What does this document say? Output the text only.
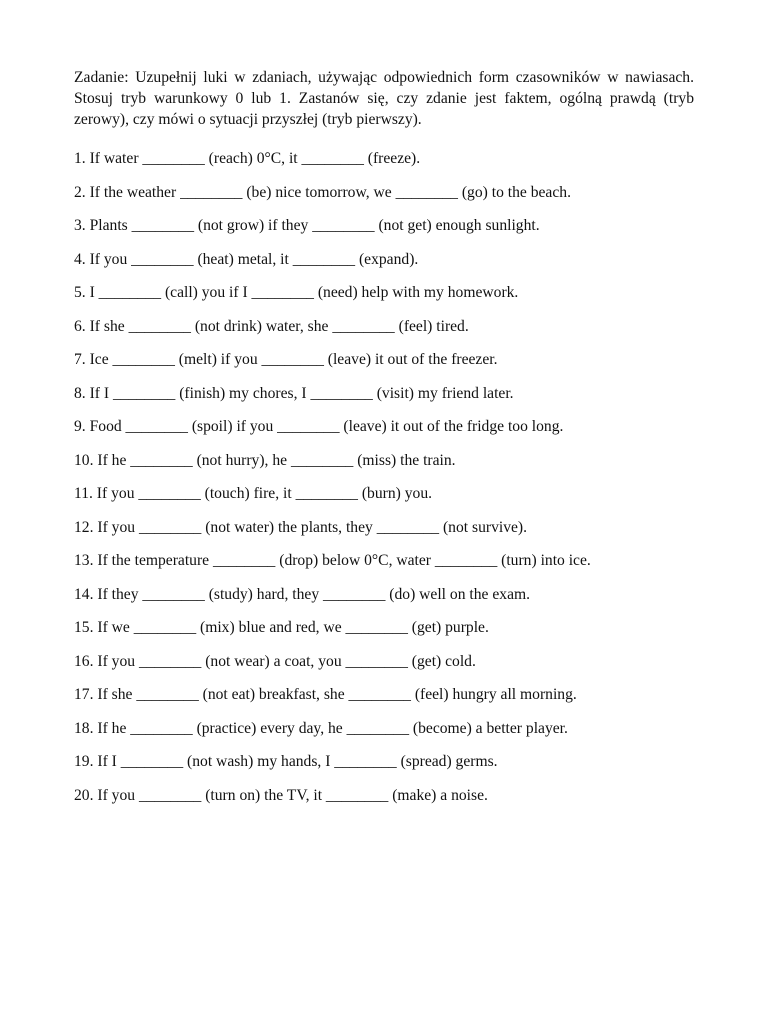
Zadanie: Uzupełnij luki w zdaniach, używając odpowiednich form czasowników w nawiasach. Stosuj tryb warunkowy 0 lub 1. Zastanów się, czy zdanie jest faktem, ogólną prawdą (tryb zerowy), czy mówi o sytuacji przyszłej (tryb pierwszy).

1. If water ________ (reach) 0°C, it ________ (freeze).
2. If the weather ________ (be) nice tomorrow, we ________ (go) to the beach.
3. Plants ________ (not grow) if they ________ (not get) enough sunlight.
4. If you ________ (heat) metal, it ________ (expand).
5. I ________ (call) you if I ________ (need) help with my homework.
6. If she ________ (not drink) water, she ________ (feel) tired.
7. Ice ________ (melt) if you ________ (leave) it out of the freezer.
8. If I ________ (finish) my chores, I ________ (visit) my friend later.
9. Food ________ (spoil) if you ________ (leave) it out of the fridge too long.
10. If he ________ (not hurry), he ________ (miss) the train.
11. If you ________ (touch) fire, it ________ (burn) you.
12. If you ________ (not water) the plants, they ________ (not survive).
13. If the temperature ________ (drop) below 0°C, water ________ (turn) into ice.
14. If they ________ (study) hard, they ________ (do) well on the exam.
15. If we ________ (mix) blue and red, we ________ (get) purple.
16. If you ________ (not wear) a coat, you ________ (get) cold.
17. If she ________ (not eat) breakfast, she ________ (feel) hungry all morning.
18. If he ________ (practice) every day, he ________ (become) a better player.
19. If I ________ (not wash) my hands, I ________ (spread) germs.
20. If you ________ (turn on) the TV, it ________ (make) a noise.
